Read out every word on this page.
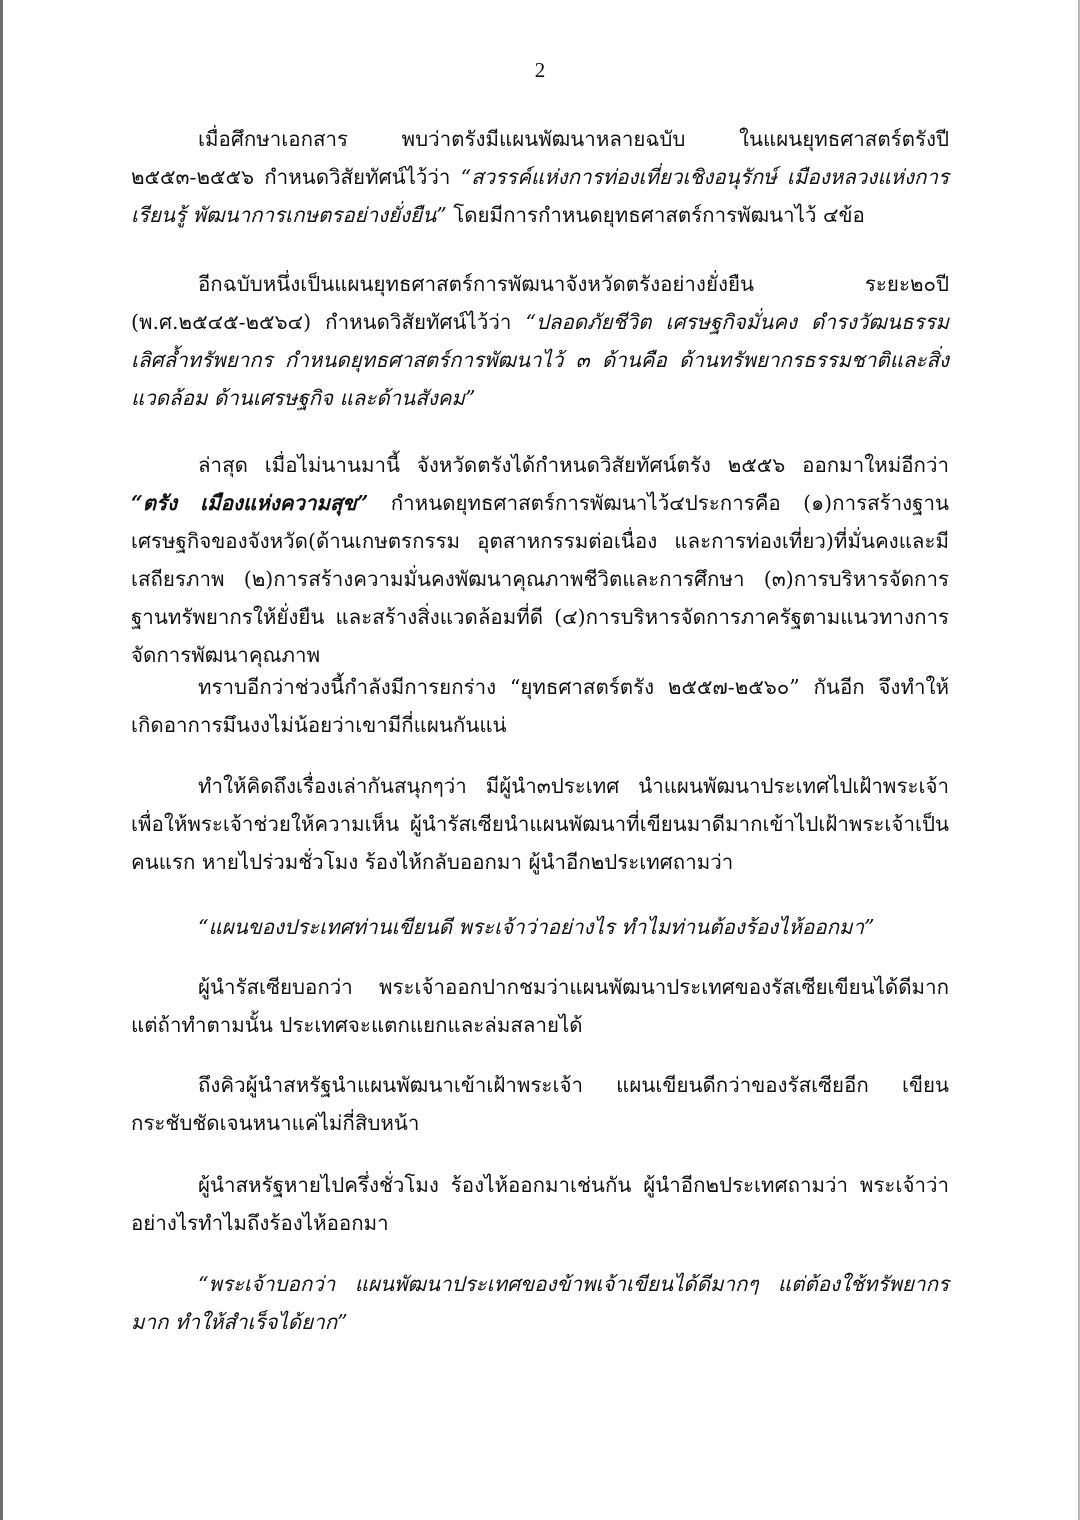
2

เมื่อศึกษาเอกสาร พบว่าตรังมีแผนพัฒนาหลายฉบับ ในแผนยุทธศาสตร์ตรังปี ๒๕๕๓-๒๕๕๖ กำหนดวิสัยทัศน์ไว้ว่า “สวรรค์แห่งการท่องเที่ยวเชิงอนุรักษ์ เมืองหลวงแห่งการเรียนรู้ พัฒนาการเกษตรอย่างยั่งยืน” โดยมีการกำหนดยุทธศาสตร์การพัฒนาไว้ ๔ข้อ

อีกฉบับหนึ่งเป็นแผนยุทธศาสตร์การพัฒนาจังหวัดตรังอย่างยั่งยืน ระยะ๒๐ปี (พ.ศ.๒๕๔๕-๒๕๖๔) กำหนดวิสัยทัศน์ไว้ว่า “ปลอดภัยชีวิต เศรษฐกิจมั่นคง ดำรงวัฒนธรรมเลิศล้ำทรัพยากร กำหนดยุทธศาสตร์การพัฒนาไว้ ๓ ด้านคือ ด้านทรัพยากรธรรมชาติและสิ่งแวดล้อม ด้านเศรษฐกิจ และด้านสังคม”

ล่าสุด เมื่อไม่นานมานี้ จังหวัดตรังได้กำหนดวิสัยทัศน์ตรัง ๒๕๕๖ ออกมาใหม่อีกว่า “ตรัง เมืองแห่งความสุข” กำหนดยุทธศาสตร์การพัฒนาไว้๔ประการคือ (๑)การสร้างฐานเศรษฐกิจของจังหวัด(ด้านเกษตรกรรม อุตสาหกรรมต่อเนื่อง และการท่องเที่ยว)ที่มั่นคงและมีเสถียรภาพ (๒)การสร้างความมั่นคงพัฒนาคุณภาพชีวิตและการศึกษา (๓)การบริหารจัดการฐานทรัพยากรให้ยั่งยืน และสร้างสิ่งแวดล้อมที่ดี (๔)การบริหารจัดการภาครัฐตามแนวทางการจัดการพัฒนาคุณภาพ

ทราบอีกว่าช่วงนี้กำลังมีการยกร่าง “ยุทธศาสตร์ตรัง ๒๕๕๗-๒๕๖๐” กันอีก จึงทำให้เกิดอาการมึนงงไม่น้อยว่าเขามีกี่แผนกันแน่

ทำให้คิดถึงเรื่องเล่ากันสนุกๆว่า มีผู้นำ๓ประเทศ นำแผนพัฒนาประเทศไปเฝ้าพระเจ้า เพื่อให้พระเจ้าช่วยให้ความเห็น ผู้นำรัสเซียนำแผนพัฒนาที่เขียนมาดีมากเข้าไปเฝ้าพระเจ้าเป็นคนแรก หายไปร่วมชั่วโมง ร้องไห้กลับออกมา ผู้นำอีก๒ประเทศถามว่า

“แผนของประเทศท่านเขียนดี พระเจ้าว่าอย่างไร ทำไมท่านต้องร้องไห้ออกมา”

ผู้นำรัสเซียบอกว่า พระเจ้าออกปากชมว่าแผนพัฒนาประเทศของรัสเซียเขียนได้ดีมาก แต่ถ้าทำตามนั้น ประเทศจะแตกแยกและล่มสลายได้

ถึงคิวผู้นำสหรัฐนำแผนพัฒนาเข้าเฝ้าพระเจ้า แผนเขียนดีกว่าของรัสเซียอีก เขียนกระชับชัดเจนหนาแค่ไม่กี่สิบหน้า

ผู้นำสหรัฐหายไปครึ่งชั่วโมง ร้องไห้ออกมาเช่นกัน ผู้นำอีก๒ประเทศถามว่า พระเจ้าว่าอย่างไรทำไมถึงร้องไห้ออกมา

“พระเจ้าบอกว่า แผนพัฒนาประเทศของข้าพเจ้าเขียนได้ดีมากๆ แต่ต้องใช้ทรัพยากรมาก ทำให้สำเร็จได้ยาก”
